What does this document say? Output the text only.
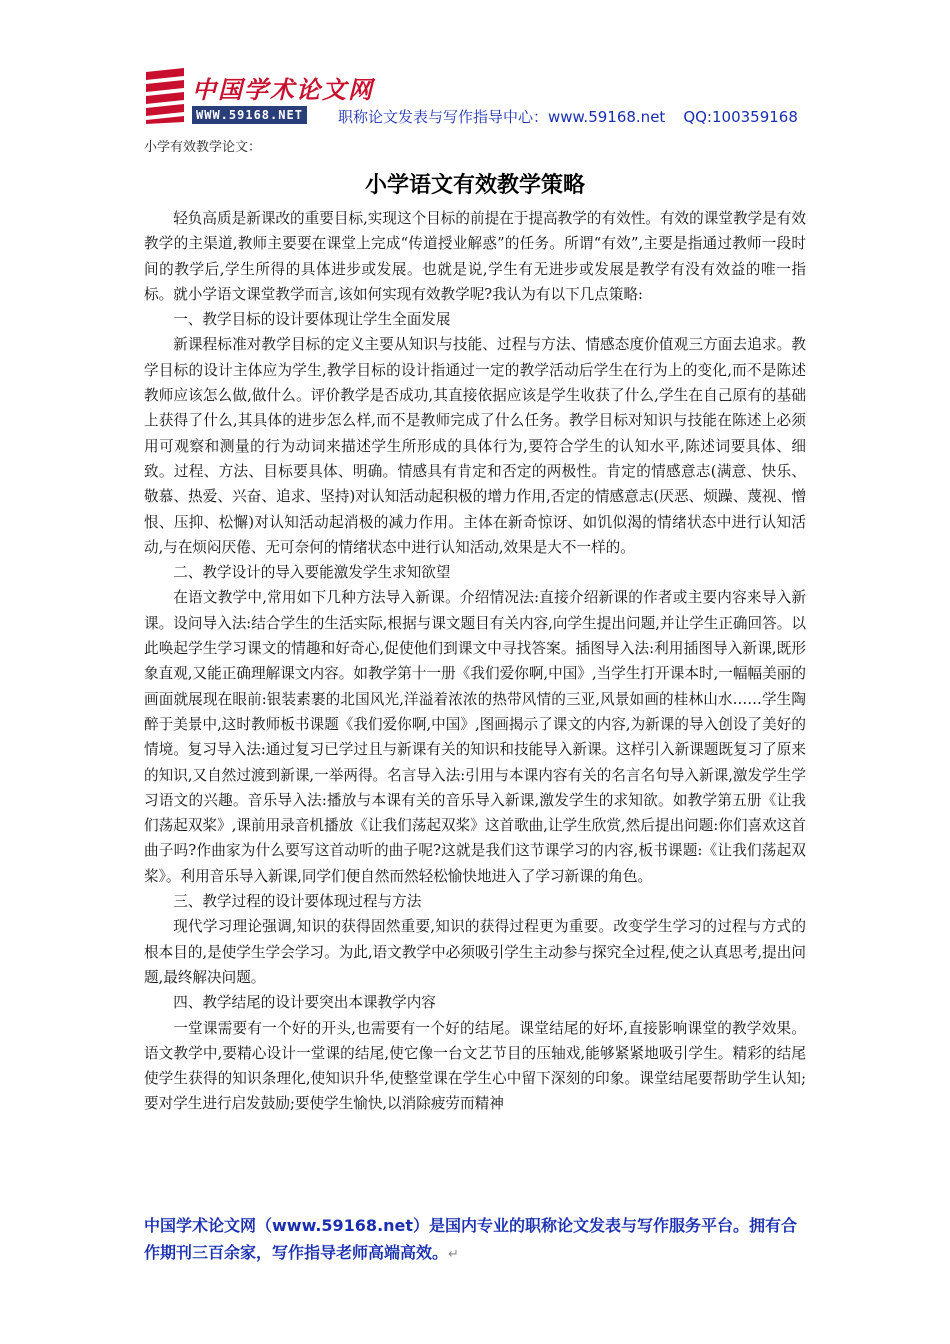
中国学术论文网
WWW.59168.NET 职称论文发表与写作指导中心：www.59168.net QQ:100359168
小学有效教学论文：
小学语文有效教学策略

轻负高质是新课改的重要目标,实现这个目标的前提在于提高教学的有效性。有效的课堂教学是有效教学的主渠道,教师主要要在课堂上完成“传道授业解惑”的任务。所谓“有效”,主要是指通过教师一段时间的教学后,学生所得的具体进步或发展。也就是说,学生有无进步或发展是教学有没有效益的唯一指标。就小学语文课堂教学而言,该如何实现有效教学呢?我认为有以下几点策略:

一、教学目标的设计要体现让学生全面发展

新课程标准对教学目标的定义主要从知识与技能、过程与方法、情感态度价值观三方面去追求。教学目标的设计主体应为学生,教学目标的设计指通过一定的教学活动后学生在行为上的变化,而不是陈述教师应该怎么做,做什么。评价教学是否成功,其直接依据应该是学生收获了什么,学生在自己原有的基础上获得了什么,其具体的进步怎么样,而不是教师完成了什么任务。教学目标对知识与技能在陈述上必须用可观察和测量的行为动词来描述学生所形成的具体行为,要符合学生的认知水平,陈述词要具体、细致。过程、方法、目标要具体、明确。情感具有肯定和否定的两极性。肯定的情感意志(满意、快乐、敬慕、热爱、兴奋、追求、坚持)对认知活动起积极的增力作用,否定的情感意志(厌恶、烦躁、蔑视、憎恨、压抑、松懈)对认知活动起消极的减力作用。主体在新奇惊讶、如饥似渴的情绪状态中进行认知活动,与在烦闷厌倦、无可奈何的情绪状态中进行认知活动,效果是大不一样的。

二、教学设计的导入要能激发学生求知欲望

在语文教学中,常用如下几种方法导入新课。介绍情况法:直接介绍新课的作者或主要内容来导入新课。设问导入法:结合学生的生活实际,根据与课文题目有关内容,向学生提出问题,并让学生正确回答。以此唤起学生学习课文的情趣和好奇心,促使他们到课文中寻找答案。插图导入法:利用插图导入新课,既形象直观,又能正确理解课文内容。如教学第十一册《我们爱你啊,中国》,当学生打开课本时,一幅幅美丽的画面就展现在眼前:银装素裹的北国风光,洋溢着浓浓的热带风情的三亚,风景如画的桂林山水……学生陶醉于美景中,这时教师板书课题《我们爱你啊,中国》,图画揭示了课文的内容,为新课的导入创设了美好的情境。复习导入法:通过复习已学过且与新课有关的知识和技能导入新课。这样引入新课题既复习了原来的知识,又自然过渡到新课,一举两得。名言导入法:引用与本课内容有关的名言名句导入新课,激发学生学习语文的兴趣。音乐导入法:播放与本课有关的音乐导入新课,激发学生的求知欲。如教学第五册《让我们荡起双桨》,课前用录音机播放《让我们荡起双桨》这首歌曲,让学生欣赏,然后提出问题:你们喜欢这首曲子吗?作曲家为什么要写这首动听的曲子呢?这就是我们这节课学习的内容,板书课题:《让我们荡起双桨》。利用音乐导入新课,同学们便自然而然轻松愉快地进入了学习新课的角色。

三、教学过程的设计要体现过程与方法

现代学习理论强调,知识的获得固然重要,知识的获得过程更为重要。改变学生学习的过程与方式的根本目的,是使学生学会学习。为此,语文教学中必须吸引学生主动参与探究全过程,使之认真思考,提出问题,最终解决问题。

四、教学结尾的设计要突出本课教学内容

一堂课需要有一个好的开头,也需要有一个好的结尾。课堂结尾的好坏,直接影响课堂的教学效果。语文教学中,要精心设计一堂课的结尾,使它像一台文艺节目的压轴戏,能够紧紧地吸引学生。精彩的结尾使学生获得的知识条理化,使知识升华,使整堂课在学生心中留下深刻的印象。课堂结尾要帮助学生认知;要对学生进行启发鼓励;要使学生愉快,以消除疲劳而精神

中国学术论文网（www.59168.net）是国内专业的职称论文发表与写作服务平台。拥有合作期刊三百余家，写作指导老师高端高效。↵
